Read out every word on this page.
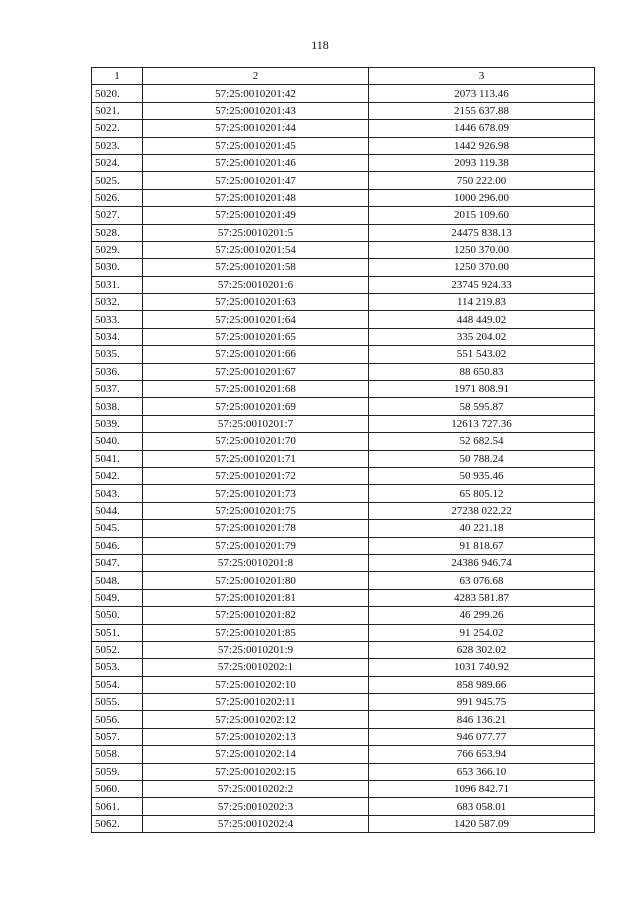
118
1	2	3
5020.	57:25:0010201:42	2073 113.46
5021.	57:25:0010201:43	2155 637.88
5022.	57:25:0010201:44	1446 678.09
5023.	57:25:0010201:45	1442 926.98
5024.	57:25:0010201:46	2093 119.38
5025.	57:25:0010201:47	750 222.00
5026.	57:25:0010201:48	1000 296.00
5027.	57:25:0010201:49	2015 109.60
5028.	57:25:0010201:5	24475 838.13
5029.	57:25:0010201:54	1250 370.00
5030.	57:25:0010201:58	1250 370.00
5031.	57:25:0010201:6	23745 924.33
5032.	57:25:0010201:63	114 219.83
5033.	57:25:0010201:64	448 449.02
5034.	57:25:0010201:65	335 204.02
5035.	57:25:0010201:66	551 543.02
5036.	57:25:0010201:67	88 650.83
5037.	57:25:0010201:68	1971 808.91
5038.	57:25:0010201:69	58 595.87
5039.	57:25:0010201:7	12613 727.36
5040.	57:25:0010201:70	52 682.54
5041.	57:25:0010201:71	50 788.24
5042.	57:25:0010201:72	50 935.46
5043.	57:25:0010201:73	65 805.12
5044.	57:25:0010201:75	27238 022.22
5045.	57:25:0010201:78	40 221.18
5046.	57:25:0010201:79	91 818.67
5047.	57:25:0010201:8	24386 946.74
5048.	57:25:0010201:80	63 076.68
5049.	57:25:0010201:81	4283 581.87
5050.	57:25:0010201:82	46 299.26
5051.	57:25:0010201:85	91 254.02
5052.	57:25:0010201:9	628 302.02
5053.	57:25:0010202:1	1031 740.92
5054.	57:25:0010202:10	858 989.66
5055.	57:25:0010202:11	991 945.75
5056.	57:25:0010202:12	846 136.21
5057.	57:25:0010202:13	946 077.77
5058.	57:25:0010202:14	766 653.94
5059.	57:25:0010202:15	653 366.10
5060.	57:25:0010202:2	1096 842.71
5061.	57:25:0010202:3	683 058.01
5062.	57:25:0010202:4	1420 587.09
